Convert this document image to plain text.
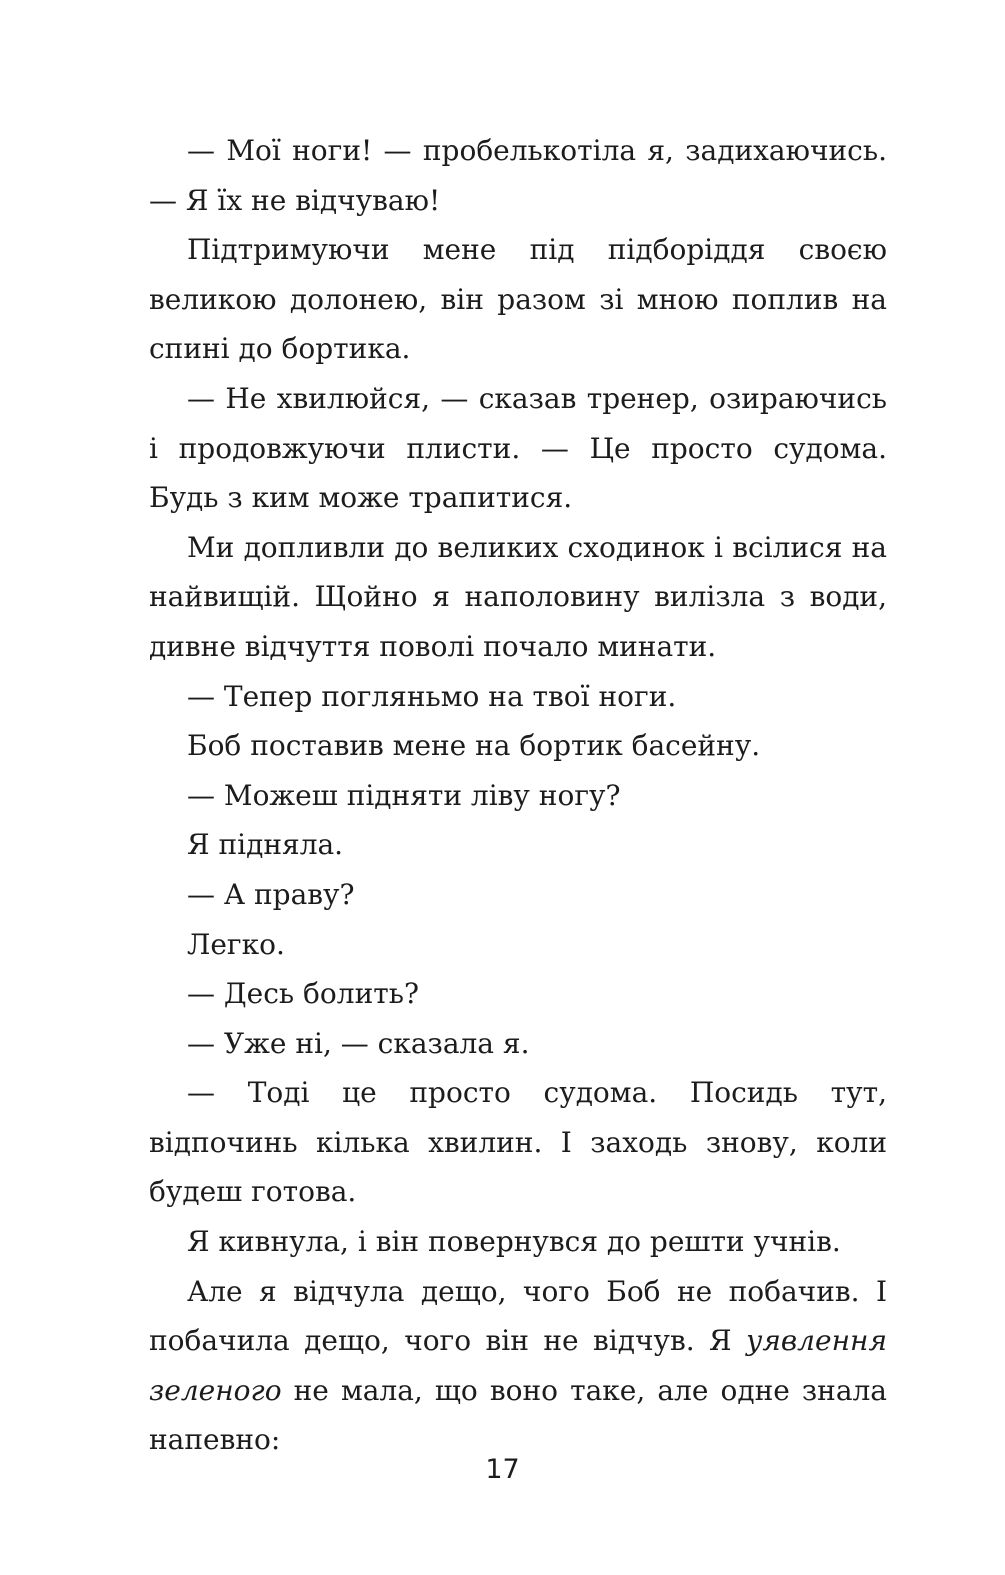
— Мої ноги! — пробелькотіла я, задихаючись. — Я їх не відчуваю!

Підтримуючи мене під підборіддя своєю великою долонею, він разом зі мною поплив на спині до бортика.

— Не хвилюйся, — сказав тренер, озираючись і продовжуючи плисти. — Це просто судома. Будь з ким може трапитися.

Ми допливли до великих сходинок і всілися на найвищій. Щойно я наполовину вилізла з води, дивне відчуття поволі почало минати.

— Тепер погляньмо на твої ноги.

Боб поставив мене на бортик басейну.

— Можеш підняти ліву ногу?

Я підняла.

— А праву?

Легко.

— Десь болить?

— Уже ні, — сказала я.

— Тоді це просто судома. Посидь тут, відпочинь кілька хвилин. І заходь знову, коли будеш готова.

Я кивнула, і він повернувся до решти учнів.

Але я відчула дещо, чого Боб не побачив. І побачила дещо, чого він не відчув. Я уявлення зеленого не мала, що воно таке, але одне знала напевно:

17
